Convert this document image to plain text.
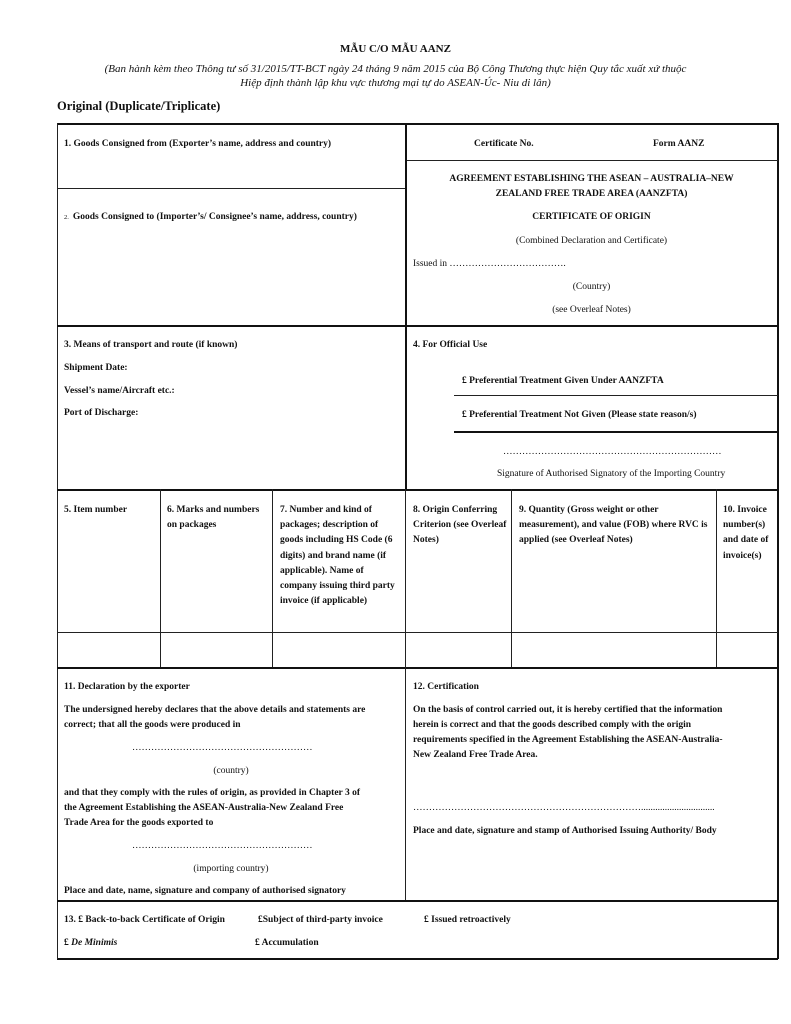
MẪU C/O MẪU AANZ
(Ban hành kèm theo Thông tư số 31/2015/TT-BCT ngày 24 tháng 9 năm 2015 của Bộ Công Thương thực hiện Quy tắc xuất xứ thuộc
Hiệp định thành lập khu vực thương mại tự do ASEAN-Úc- Niu di lân)
Original (Duplicate/Triplicate)
1. Goods Consigned from (Exporter’s name, address and country)
2. Goods Consigned to (Importer’s/ Consignee’s name, address, country)
Certificate No.	Form AANZ
AGREEMENT ESTABLISHING THE ASEAN – AUSTRALIA–NEW
ZEALAND FREE TRADE AREA (AANZFTA)
CERTIFICATE OF ORIGIN
(Combined Declaration and Certificate)
Issued in ……………………………….
(Country)
(see Overleaf Notes)
3. Means of transport and route (if known)
Shipment Date:
Vessel’s name/Aircraft etc.:
Port of Discharge:
4. For Official Use
£ Preferential Treatment Given Under AANZFTA
£ Preferential Treatment Not Given (Please state reason/s)
……………………………………………………………
Signature of Authorised Signatory of the Importing Country
5. Item number	6. Marks and numbers on packages
7. Number and kind of packages; description of goods including HS Code (6 digits) and brand name (if applicable). Name of company issuing third party invoice (if applicable)
8. Origin Conferring Criterion (see Overleaf Notes)
9. Quantity (Gross weight or other measurement), and value (FOB) where RVC is applied (see Overleaf Notes)
10. Invoice number(s) and date of invoice(s)
11. Declaration by the exporter
The undersigned hereby declares that the above details and statements are
correct; that all the goods were produced in
…………………………………………………
(country)
and that they comply with the rules of origin, as provided in Chapter 3 of
the Agreement Establishing the ASEAN-Australia-New Zealand Free
Trade Area for the goods exported to
…………………………………………………
(importing country)
Place and date, name, signature and company of authorised signatory
12. Certification
On the basis of control carried out, it is hereby certified that the information
herein is correct and that the goods described comply with the origin
requirements specified in the Agreement Establishing the ASEAN-Australia-
New Zealand Free Trade Area.
………………………………………………………………...............................
Place and date, signature and stamp of Authorised Issuing Authority/ Body
13. £ Back-to-back Certificate of Origin	£Subject of third-party invoice	£ Issued retroactively
£ De Minimis	£ Accumulation
